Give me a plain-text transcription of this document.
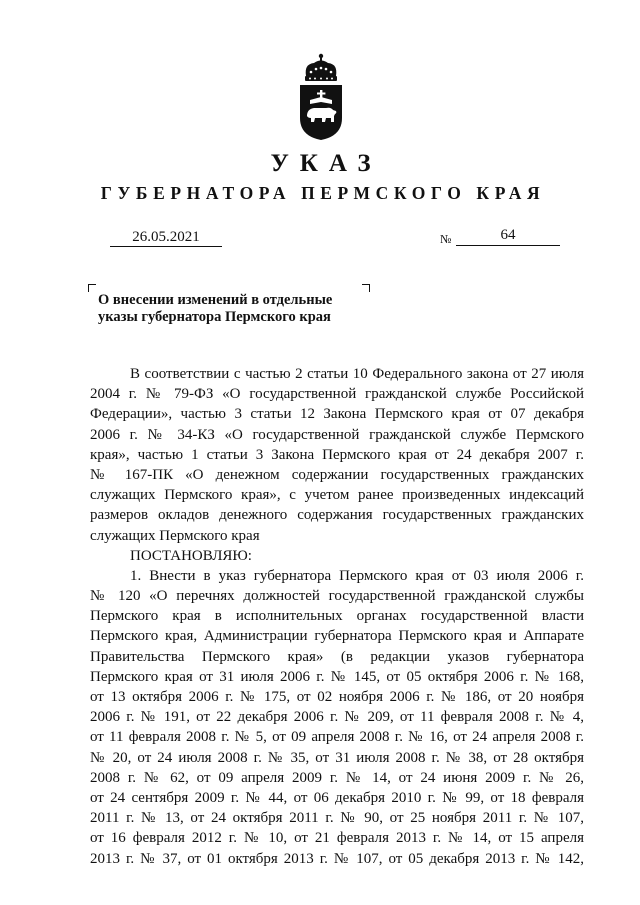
УКАЗ
ГУБЕРНАТОРА ПЕРМСКОГО КРАЯ
26.05.2021	№	64
О внесении изменений в отдельные
указы губернатора Пермского края
В соответствии с частью 2 статьи 10 Федерального закона от 27 июля
2004 г. № 79-ФЗ «О государственной гражданской службе Российской
Федерации», частью 3 статьи 12 Закона Пермского края от 07 декабря
2006 г. № 34-КЗ «О государственной гражданской службе Пермского
края», частью 1 статьи 3 Закона Пермского края от 24 декабря 2007 г.
№ 167-ПК «О денежном содержании государственных гражданских
служащих Пермского края», с учетом ранее произведенных индексаций
размеров окладов денежного содержания государственных гражданских
служащих Пермского края
ПОСТАНОВЛЯЮ:
1. Внести в указ губернатора Пермского края от 03 июля 2006 г.
№ 120 «О перечнях должностей государственной гражданской службы
Пермского края в исполнительных органах государственной власти
Пермского края, Администрации губернатора Пермского края и Аппарате
Правительства Пермского края» (в редакции указов губернатора
Пермского края от 31 июля 2006 г. № 145, от 05 октября 2006 г. № 168,
от 13 октября 2006 г. № 175, от 02 ноября 2006 г. № 186, от 20 ноября
2006 г. № 191, от 22 декабря 2006 г. № 209, от 11 февраля 2008 г. № 4,
от 11 февраля 2008 г. № 5, от 09 апреля 2008 г. № 16, от 24 апреля 2008 г.
№ 20, от 24 июля 2008 г. № 35, от 31 июля 2008 г. № 38, от 28 октября
2008 г. № 62, от 09 апреля 2009 г. № 14, от 24 июня 2009 г. № 26,
от 24 сентября 2009 г. № 44, от 06 декабря 2010 г. № 99, от 18 февраля
2011 г. № 13, от 24 октября 2011 г. № 90, от 25 ноября 2011 г. № 107,
от 16 февраля 2012 г. № 10, от 21 февраля 2013 г. № 14, от 15 апреля
2013 г. № 37, от 01 октября 2013 г. № 107, от 05 декабря 2013 г. № 142,
